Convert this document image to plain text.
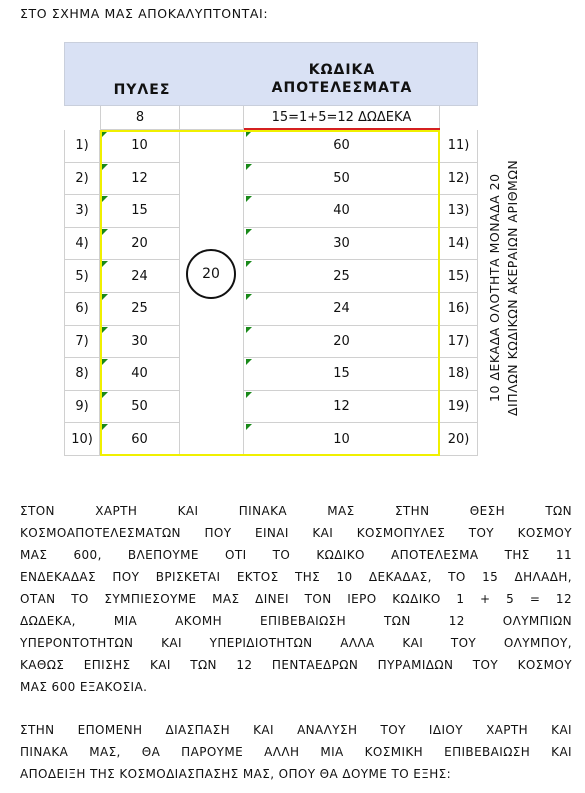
ΣΤΟ ΣΧΗΜΑ ΜΑΣ ΑΠΟΚΑΛΥΠΤΟΝΤΑΙ:
ΠΥΛΕΣ
ΚΩΔΙΚΑ
ΑΠΟΤΕΛΕΣΜΑΤΑ
8	15=1+5=12 ΔΩΔΕΚΑ
1)	10	60	11)
2)	12	50	12)
3)	15	40	13)
4)	20	30	14)
5)	24	25	15)
6)	25	24	16)
7)	30	20	17)
8)	40	15	18)
9)	50	12	19)
10)	60	10	20)
20	10 ΔΕΚΑΔΑ ΟΛΟΤΗΤΑ ΜΟΝΑΔΑ 20 ΔΙΠΛΩΝ ΚΩΔΙΚΩΝ ΑΚΕΡΑΙΩΝ ΑΡΙΘΜΩΝ
ΣΤΟΝ ΧΑΡΤΗ ΚΑΙ ΠΙΝΑΚΑ ΜΑΣ ΣΤΗΝ ΘΕΣΗ ΤΩΝ
ΚΟΣΜΟΑΠΟΤΕΛΕΣΜΑΤΩΝ ΠΟΥ ΕΙΝΑΙ ΚΑΙ ΚΟΣΜΟΠΥΛΕΣ ΤΟΥ ΚΟΣΜΟΥ
ΜΑΣ 600, ΒΛΕΠΟΥΜΕ ΟΤΙ ΤΟ ΚΩΔΙΚΟ ΑΠΟΤΕΛΕΣΜΑ ΤΗΣ 11
ΕΝΔΕΚΑΔΑΣ ΠΟΥ ΒΡΙΣΚΕΤΑΙ ΕΚΤΟΣ ΤΗΣ 10 ΔΕΚΑΔΑΣ, ΤΟ 15 ΔΗΛΑΔΗ,
ΟΤΑΝ ΤΟ ΣΥΜΠΙΕΣΟΥΜΕ ΜΑΣ ΔΙΝΕΙ ΤΟΝ ΙΕΡΟ ΚΩΔΙΚΟ 1 + 5 = 12
ΔΩΔΕΚΑ, ΜΙΑ ΑΚΟΜΗ ΕΠΙΒΕΒΑΙΩΣΗ ΤΩΝ 12 ΟΛΥΜΠΙΩΝ
ΥΠΕΡΟΝΤΟΤΗΤΩΝ ΚΑΙ ΥΠΕΡΙΔΙΟΤΗΤΩΝ ΑΛΛΑ ΚΑΙ ΤΟΥ ΟΛΥΜΠΟΥ,
ΚΑΘΩΣ ΕΠΙΣΗΣ ΚΑΙ ΤΩΝ 12 ΠΕΝΤΑΕΔΡΩΝ ΠΥΡΑΜΙΔΩΝ ΤΟΥ ΚΟΣΜΟΥ
ΜΑΣ 600 ΕΞΑΚΟΣΙΑ.
ΣΤΗΝ ΕΠΟΜΕΝΗ ΔΙΑΣΠΑΣΗ ΚΑΙ ΑΝΑΛΥΣΗ ΤΟΥ ΙΔΙΟΥ ΧΑΡΤΗ ΚΑΙ
ΠΙΝΑΚΑ ΜΑΣ, ΘΑ ΠΑΡΟΥΜΕ ΑΛΛΗ ΜΙΑ ΚΟΣΜΙΚΗ ΕΠΙΒΕΒΑΙΩΣΗ ΚΑΙ
ΑΠΟΔΕΙΞΗ ΤΗΣ ΚΟΣΜΟΔΙΑΣΠΑΣΗΣ ΜΑΣ, ΟΠΟΥ ΘΑ ΔΟΥΜΕ ΤΟ ΕΞΗΣ:
